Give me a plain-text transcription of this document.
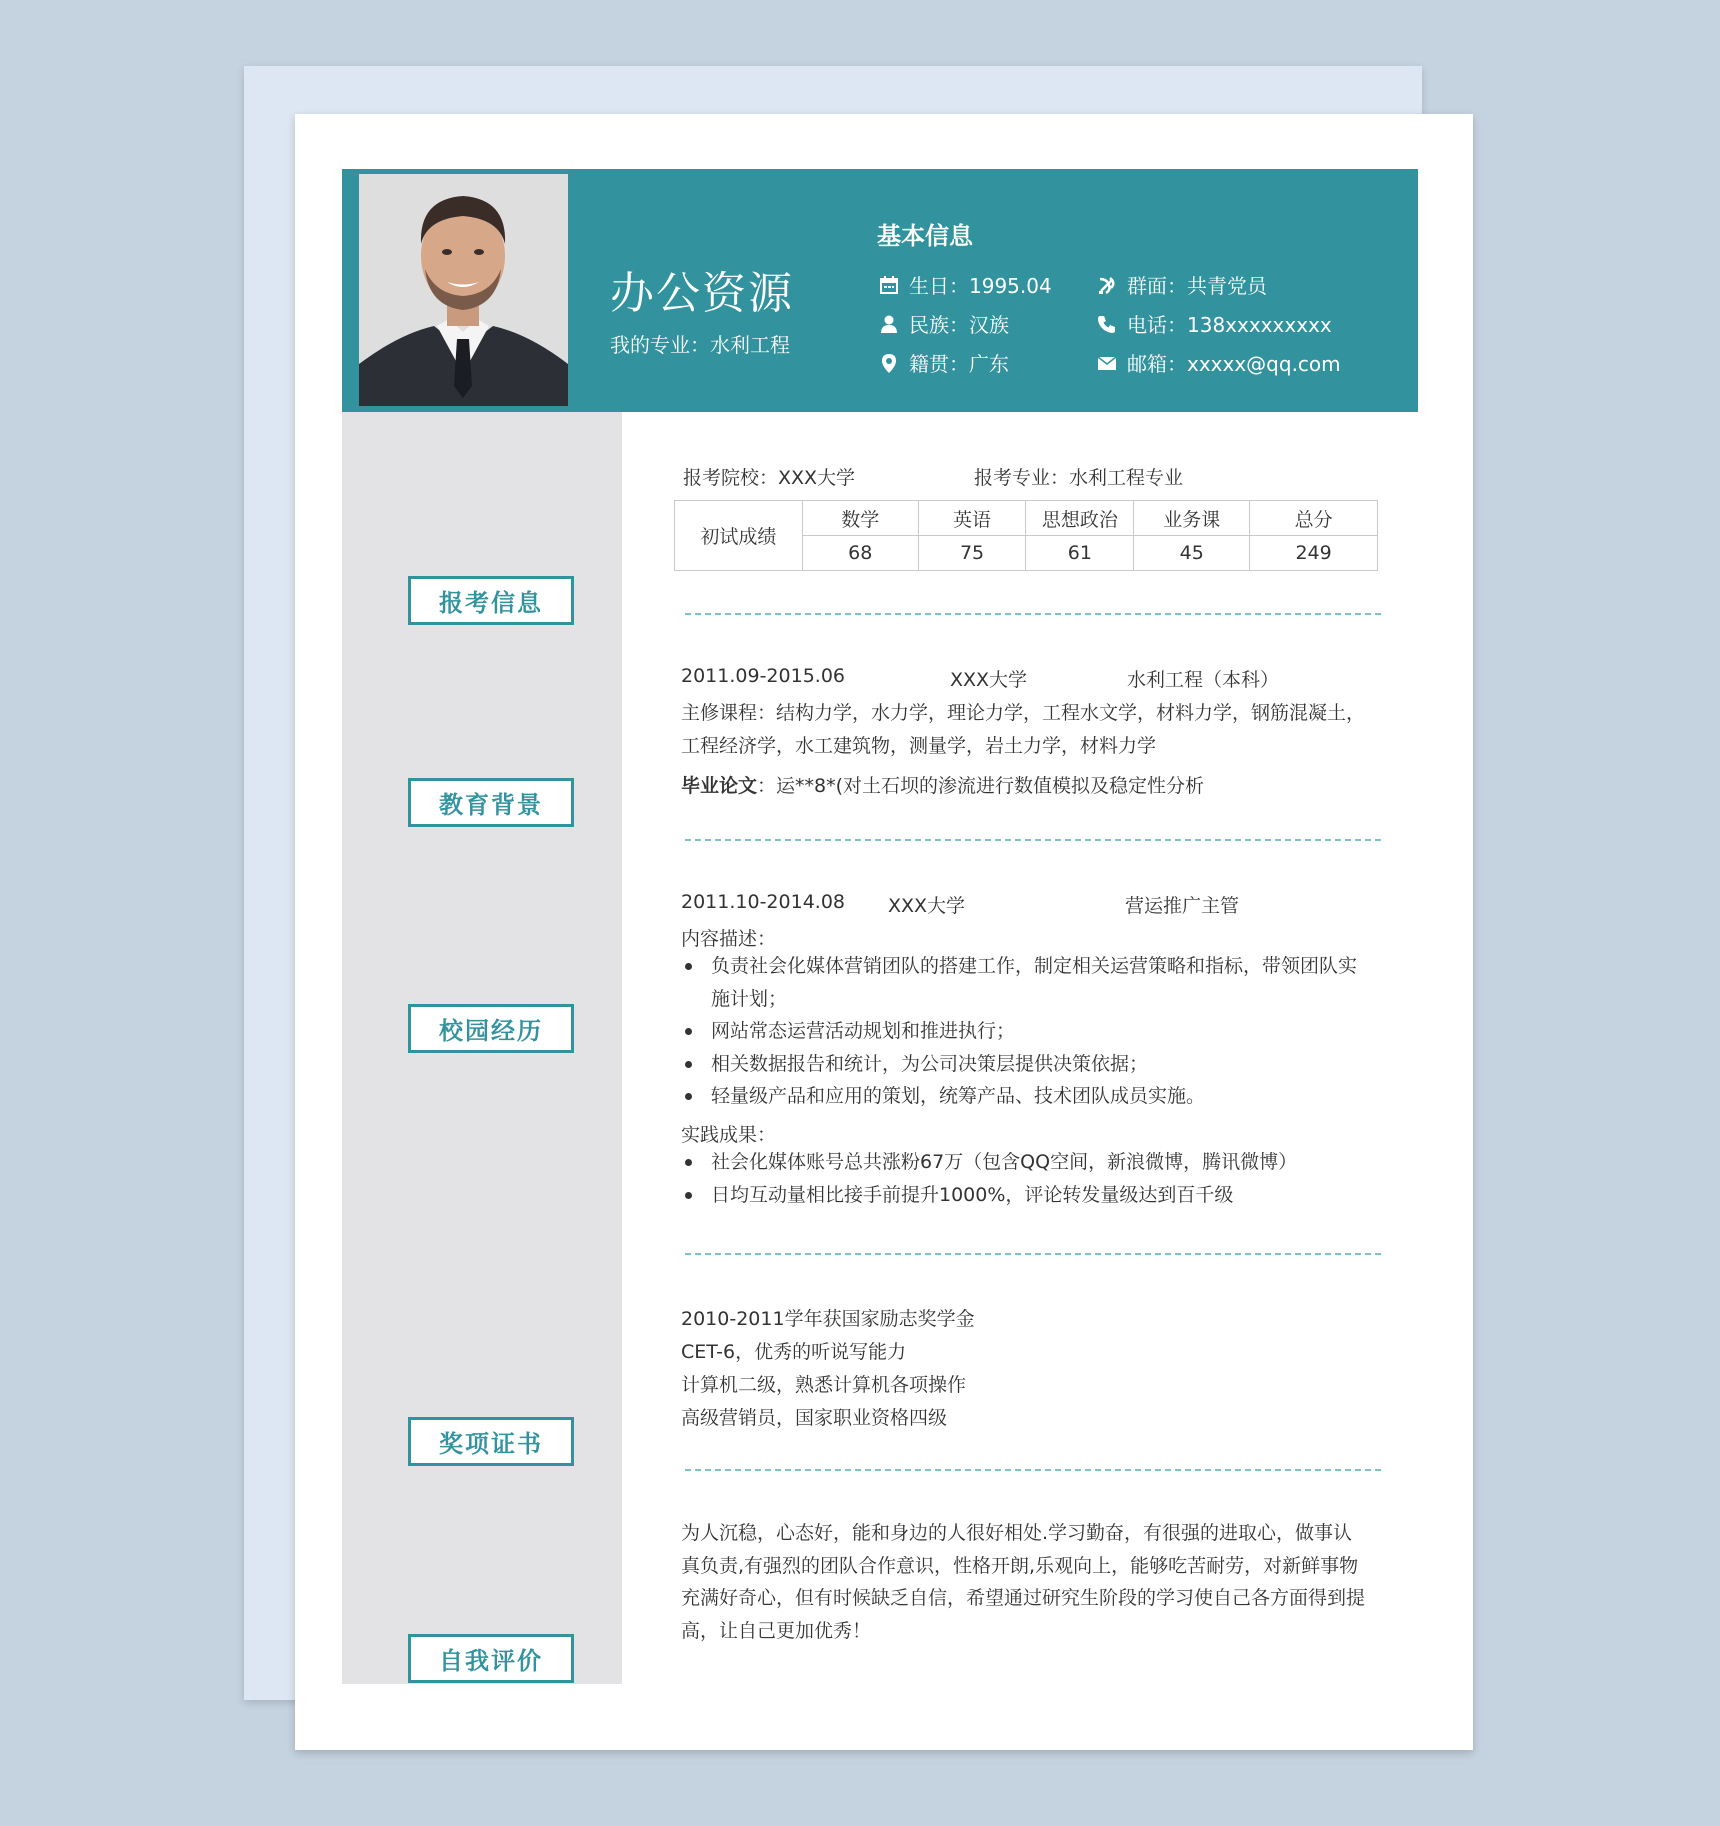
办公资源
我的专业：水利工程
基本信息
生日：1995.04
民族：汉族
籍贯：广东
群面：共青党员
电话：138xxxxxxxxx
邮箱：xxxxx@qq.com
报考信息
教育背景
校园经历
奖项证书
自我评价
报考院校：XXX大学	报考专业：水利工程专业
初试成绩	数学	英语	思想政治	业务课	总分
	68	75	61	45	249
2011.09-2015.06	XXX大学	水利工程（本科）
主修课程：结构力学，水力学，理论力学，工程水文学，材料力学，钢筋混凝土，
工程经济学，水工建筑物，测量学，岩土力学，材料力学
毕业论文：运**8*(对土石坝的渗流进行数值模拟及稳定性分析
2011.10-2014.08 XXX大学	营运推广主管
内容描述：
负责社会化媒体营销团队的搭建工作，制定相关运营策略和指标，带领团队实施计划；
网站常态运营活动规划和推进执行；
相关数据报告和统计，为公司决策层提供决策依据；
轻量级产品和应用的策划，统筹产品、技术团队成员实施。
实践成果：
社会化媒体账号总共涨粉67万（包含QQ空间，新浪微博，腾讯微博）
日均互动量相比接手前提升1000%，评论转发量级达到百千级
2010-2011学年获国家励志奖学金
CET-6，优秀的听说写能力
计算机二级，熟悉计算机各项操作
高级营销员，国家职业资格四级
为人沉稳，心态好，能和身边的人很好相处.学习勤奋，有很强的进取心，做事认真负责,有强烈的团队合作意识，性格开朗,乐观向上，能够吃苦耐劳，对新鲜事物充满好奇心，但有时候缺乏自信，希望通过研究生阶段的学习使自己各方面得到提高，让自己更加优秀！
